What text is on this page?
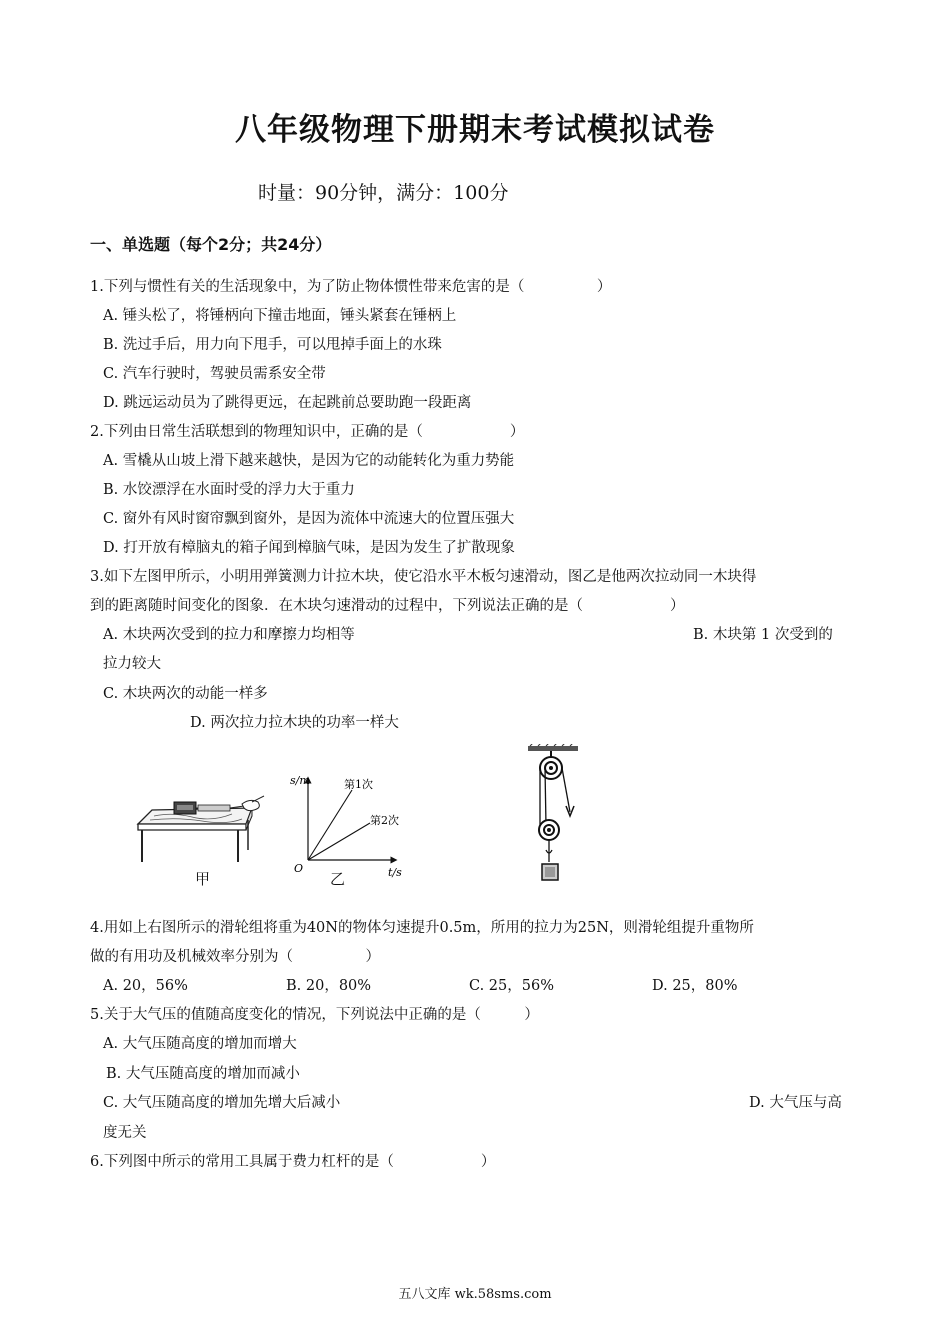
八年级物理下册期末考试模拟试卷
时量：90分钟，满分：100分
一、单选题（每个2分；共24分）
1.下列与惯性有关的生活现象中，为了防止物体惯性带来危害的是（　　　　　）
A. 锤头松了，将锤柄向下撞击地面，锤头紧套在锤柄上
B. 洗过手后，用力向下甩手，可以甩掉手面上的水珠
C. 汽车行驶时，驾驶员需系安全带
D. 跳远运动员为了跳得更远，在起跳前总要助跑一段距离
2.下列由日常生活联想到的物理知识中，正确的是（　　　　　　）
A. 雪橇从山坡上滑下越来越快，是因为它的动能转化为重力势能
B. 水饺漂浮在水面时受的浮力大于重力
C. 窗外有风时窗帘飘到窗外，是因为流体中流速大的位置压强大
D. 打开放有樟脑丸的箱子闻到樟脑气味，是因为发生了扩散现象
3.如下左图甲所示，小明用弹簧测力计拉木块，使它沿水平木板匀速滑动，图乙是他两次拉动同一木块得
到的距离随时间变化的图象．在木块匀速滑动的过程中，下列说法正确的是（　　　　　　）
A. 木块两次受到的拉力和摩擦力均相等	B. 木块第 1 次受到的
拉力较大
C. 木块两次的动能一样多
D. 两次拉力拉木块的功率一样大
甲
s/m
O	t/s
第1次
第2次
乙
4.用如上右图所示的滑轮组将重为40N的物体匀速提升0.5m，所用的拉力为25N，则滑轮组提升重物所
做的有用功及机械效率分别为（　　　　　）
A. 20，56%	B. 20，80%	C. 25，56%	D. 25，80%
5.关于大气压的值随高度变化的情况，下列说法中正确的是（　　　）
A. 大气压随高度的增加而增大
B. 大气压随高度的增加而减小
C. 大气压随高度的增加先增大后减小	D. 大气压与高
度无关
6.下列图中所示的常用工具属于费力杠杆的是（　　　　　　）
五八文库 wk.58sms.com
